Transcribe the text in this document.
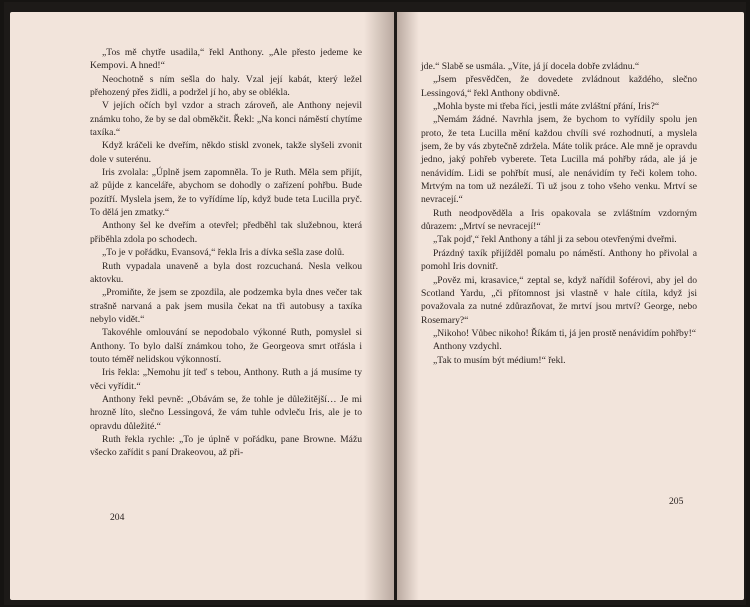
„Tos mě chytře usadila,“ řekl Anthony. „Ale přesto jedeme ke Kempovi. A hned!“

Neochotně s ním sešla do haly. Vzal její kabát, který ležel přehozený přes židli, a podržel jí ho, aby se oblékla.

V jejích očích byl vzdor a strach zároveň, ale Anthony nejevil známku toho, že by se dal obměkčit. Řekl: „Na konci náměstí chytíme taxíka.“

Když kráčeli ke dveřím, někdo stiskl zvonek, takže slyšeli zvonit dole v suterénu.

Iris zvolala: „Úplně jsem zapomněla. To je Ruth. Měla sem přijít, až půjde z kanceláře, abychom se dohodly o zařízení pohřbu. Bude pozítří. Myslela jsem, že to vyřídíme líp, když bude teta Lucilla pryč. To dělá jen zmatky.“

Anthony šel ke dveřím a otevřel; předběhl tak služebnou, která přiběhla zdola po schodech.

„To je v pořádku, Evansová,“ řekla Iris a dívka sešla zase dolů.

Ruth vypadala unaveně a byla dost rozcuchaná. Nesla velkou aktovku.

„Promiňte, že jsem se zpozdila, ale podzemka byla dnes večer tak strašně narvaná a pak jsem musila čekat na tři autobusy a taxíka nebylo vidět.“

Takovéhle omlouvání se nepodobalo výkonné Ruth, pomyslel si Anthony. To bylo další známkou toho, že Georgeova smrt otřásla i touto téměř nelidskou výkonností.

Iris řekla: „Nemohu jít teď s tebou, Anthony. Ruth a já musíme ty věci vyřídit.“

Anthony řekl pevně: „Obávám se, že tohle je důležitější… Je mi hrozně líto, slečno Lessingová, že vám tuhle odvleču Iris, ale je to opravdu důležité.“

Ruth řekla rychle: „To je úplně v pořádku, pane Browne. Mážu všecko zařídit s paní Drakeovou, až při-

204

jde.“ Slabě se usmála. „Víte, já jí docela dobře zvládnu.“

„Jsem přesvědčen, že dovedete zvládnout každého, slečno Lessingová,“ řekl Anthony obdivně.

„Mohla byste mi třeba říci, jestli máte zvláštní přání, Iris?“

„Nemám žádné. Navrhla jsem, že bychom to vyřídily spolu jen proto, že teta Lucilla mění každou chvíli své rozhodnutí, a myslela jsem, že by vás zbytečně zdržela. Máte tolik práce. Ale mně je opravdu jedno, jaký pohřeb vyberete. Teta Lucilla má pohřby ráda, ale já je nenávidím. Lidi se pohřbít musí, ale nenávidím ty řeči kolem toho. Mrtvým na tom už nezáleží. Ti už jsou z toho všeho venku. Mrtví se nevracejí.“

Ruth neodpověděla a Iris opakovala se zvláštním vzdorným důrazem: „Mrtví se nevracejí!“

„Tak pojď,“ řekl Anthony a táhl ji za sebou otevřenými dveřmi.

Prázdný taxík přijížděl pomalu po náměstí. Anthony ho přivolal a pomohl Iris dovnitř.

„Pověz mi, krasavice,“ zeptal se, když nařídil šoférovi, aby jel do Scotland Yardu, „či přítomnost jsi vlastně v hale cítila, když jsi považovala za nutné zdůrazňovat, že mrtví jsou mrtví? George, nebo Rosemary?“

„Nikoho! Vůbec nikoho! Říkám ti, já jen prostě nenávidím pohřby!“

Anthony vzdychl.

„Tak to musím být médium!“ řekl.

205
